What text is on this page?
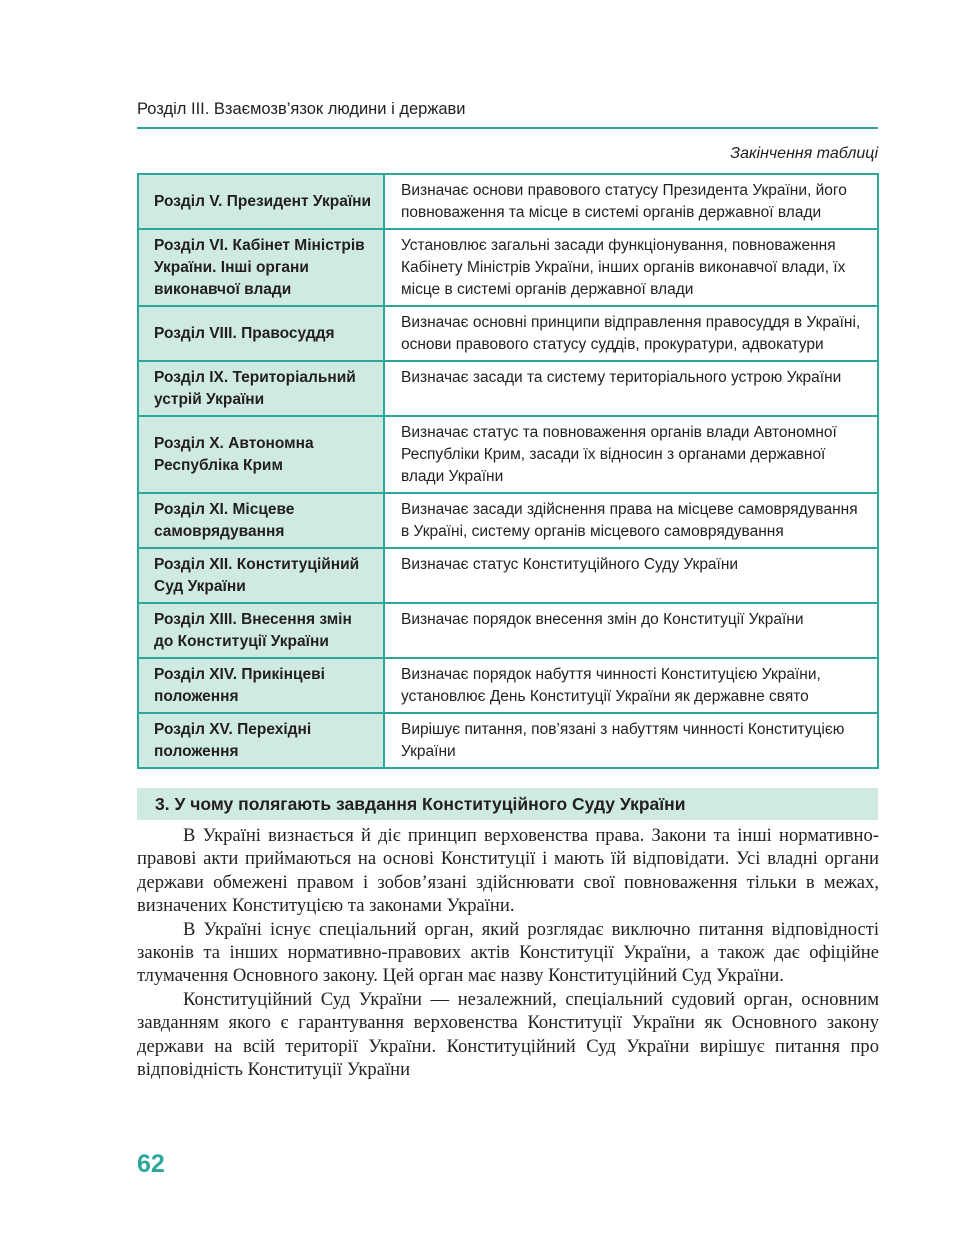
Розділ III. Взаємозв’язок людини і держави
Закінчення таблиці
Розділ V. Президент України	Визначає основи правового статусу Президента України, його повноваження та місце в системі органів державної влади
Розділ VI. Кабінет Міністрів України. Інші органи виконавчої влади	Установлює загальні засади функціонування, повноваження Кабінету Міністрів України, інших органів виконавчої влади, їх місце в системі органів державної влади
Розділ VIII. Правосуддя	Визначає основні принципи відправлення правосуддя в Україні, основи правового статусу суддів, прокуратури, адвокатури
Розділ IX. Територіальний устрій України	Визначає засади та систему територіального устрою України
Розділ X. Автономна Республіка Крим	Визначає статус та повноваження органів влади Автономної Республіки Крим, засади їх відносин з органами державної влади України
Розділ XI. Місцеве самоврядування	Визначає засади здійснення права на місцеве самоврядування в Україні, систему органів місцевого самоврядування
Розділ XII. Конституційний Суд України	Визначає статус Конституційного Суду України
Розділ XIII. Внесення змін до Конституції України	Визначає порядок внесення змін до Конституції України
Розділ XIV. Прикінцеві положення	Визначає порядок набуття чинності Конституцією України, установлює День Конституції України як державне свято
Розділ XV. Перехідні положення	Вирішує питання, пов’язані з набуттям чинності Конституцією України
3. У чому полягають завдання Конституційного Суду України

В Україні визнається й діє принцип верховенства права. Закони та інші нормативно-правові акти приймаються на основі Конституції і мають їй відповідати. Усі владні органи держави обмежені правом і зобов’язані здійснювати свої повноваження тільки в межах, визначених Конституцією та законами України.

В Україні існує спеціальний орган, який розглядає виключно питання відповідності законів та інших нормативно-правових актів Конституції України, а також дає офіційне тлумачення Основного закону. Цей орган має назву Конституційний Суд України.

Конституційний Суд України — незалежний, спеціальний судовий орган, основним завданням якого є гарантування верховенства Конституції України як Основного закону держави на всій території України. Конституційний Суд України вирішує питання про відповідність Конституції України

62
